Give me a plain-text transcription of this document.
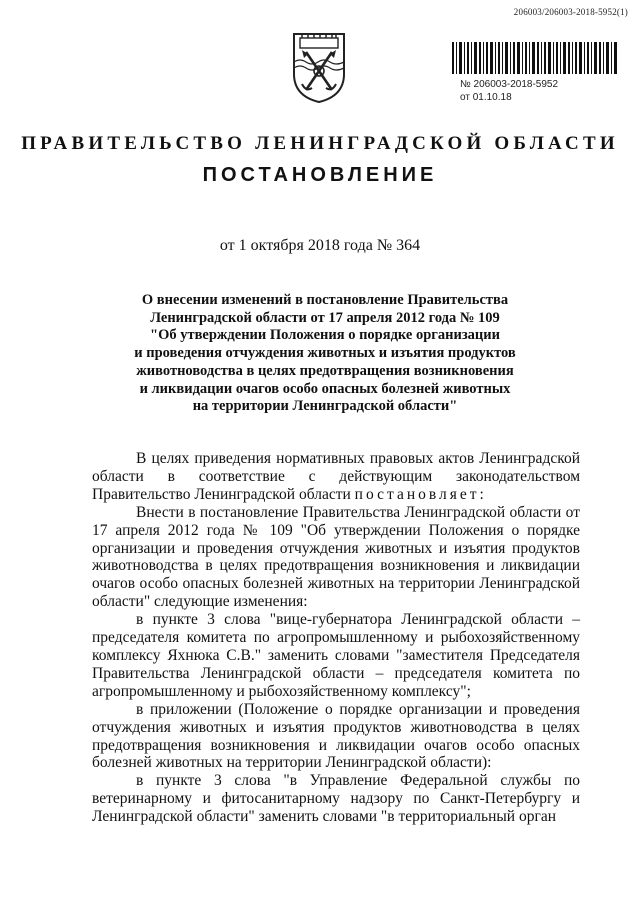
206003/206003-2018-5952(1)
№ 206003-2018-5952
от 01.10.18
ПРАВИТЕЛЬСТВО ЛЕНИНГРАДСКОЙ ОБЛАСТИ
ПОСТАНОВЛЕНИЕ
от 1 октября 2018 года № 364
О внесении изменений в постановление Правительства
Ленинградской области от 17 апреля 2012 года № 109
"Об утверждении Положения о порядке организации
и проведения отчуждения животных и изъятия продуктов
животноводства в целях предотвращения возникновения
и ликвидации очагов особо опасных болезней животных
на территории Ленинградской области"

В целях приведения нормативных правовых актов Ленинградской области в соответствие с действующим законодательством Правительство Ленинградской области постановляет:

Внести в постановление Правительства Ленинградской области от 17 апреля 2012 года № 109 "Об утверждении Положения о порядке организации и проведения отчуждения животных и изъятия продуктов животноводства в целях предотвращения возникновения и ликвидации очагов особо опасных болезней животных на территории Ленинградской области" следующие изменения:

в пункте 3 слова "вице-губернатора Ленинградской области – председателя комитета по агропромышленному и рыбохозяйственному комплексу Яхнюка С.В." заменить словами "заместителя Председателя Правительства Ленинградской области – председателя комитета по агропромышленному и рыбохозяйственному комплексу";

в приложении (Положение о порядке организации и проведения отчуждения животных и изъятия продуктов животноводства в целях предотвращения возникновения и ликвидации очагов особо опасных болезней животных на территории Ленинградской области):

в пункте 3 слова "в Управление Федеральной службы по ветеринарному и фитосанитарному надзору по Санкт-Петербургу и Ленинградской области" заменить словами "в территориальный орган
